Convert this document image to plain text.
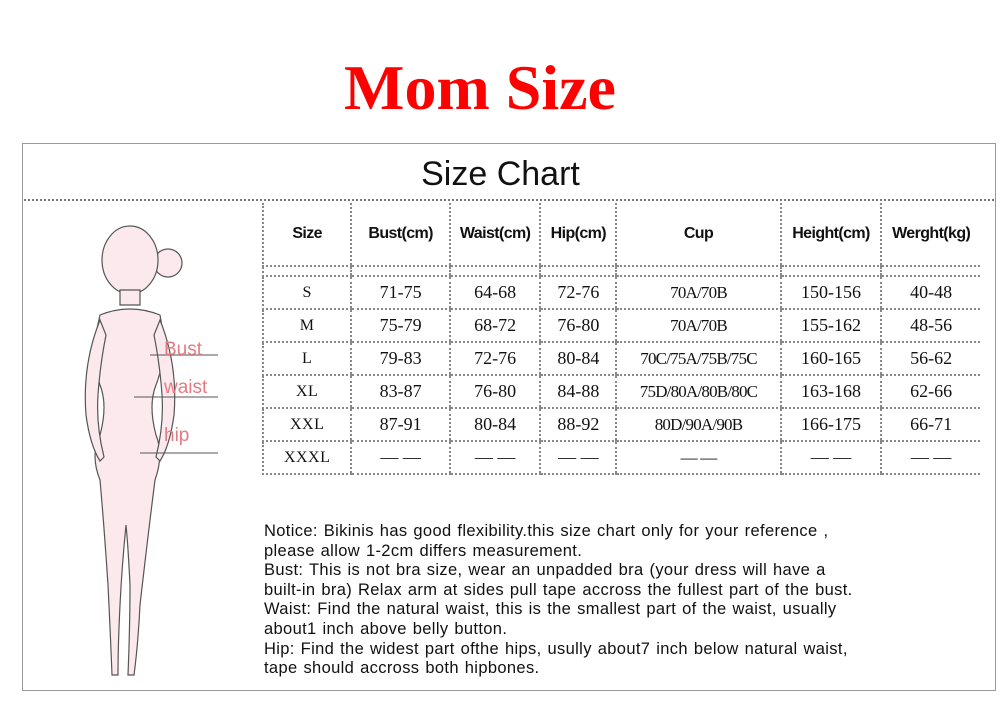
Mom Size
Size Chart
Bust
waist
hip
Size	Bust(cm)	Waist(cm)	Hip(cm)	Cup	Height(cm)	Werght(kg)

S	71-75	64-68	72-76	70A/70B	150-156	40-48
M	75-79	68-72	76-80	70A/70B	155-162	48-56
L	79-83	72-76	80-84	70C/75A/75B/75C	160-165	56-62
XL	83-87	76-80	84-88	75D/80A/80B/80C	163-168	62-66
XXL	87-91	80-84	88-92	80D/90A/90B	166-175	66-71
XXXL	— —	— —	— —	— —	— —	— —
Notice: Bikinis has good flexibility.this size chart only for your reference ,
please allow 1-2cm differs measurement.
Bust: This is not bra size, wear an unpadded bra (your dress will have a
built-in bra) Relax arm at sides pull tape accross the fullest part of the bust.
Waist: Find the natural waist, this is the smallest part of the waist, usually
about1 inch above belly button.
Hip: Find the widest part ofthe hips, usully about7 inch below natural waist,
tape should accross both hipbones.
